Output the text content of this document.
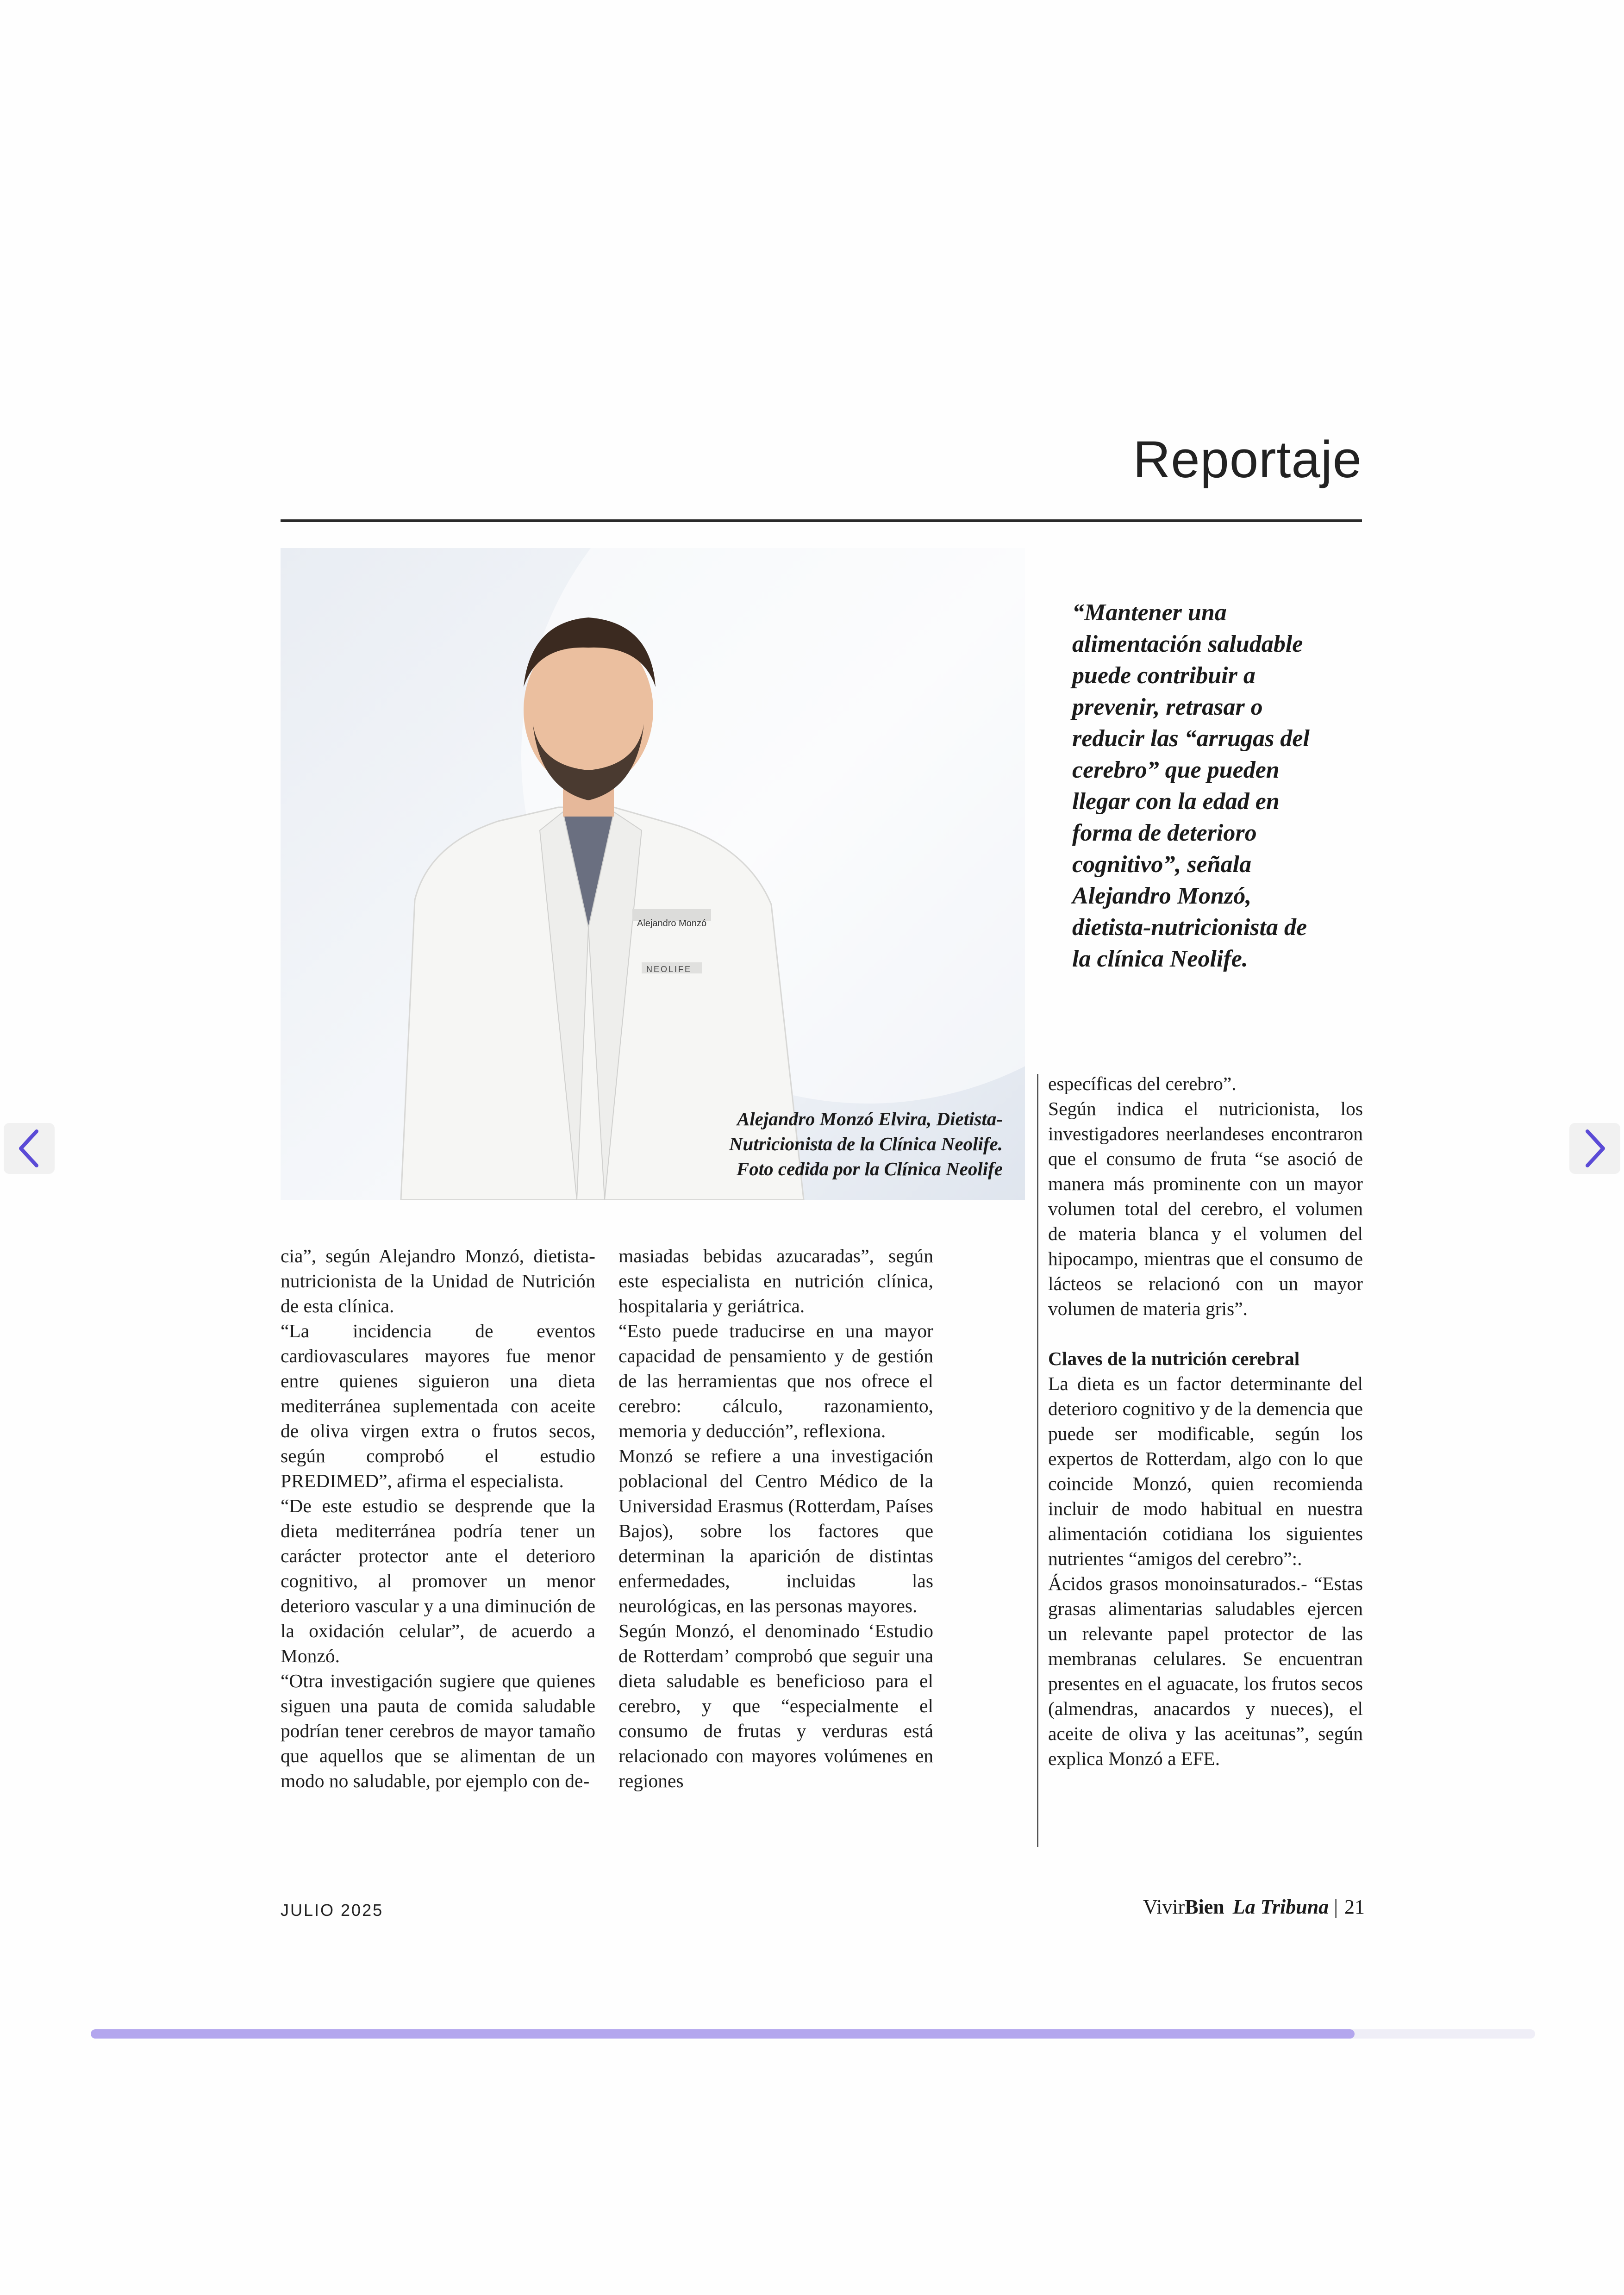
Reportaje
Alejandro Monzó
NEOLIFE
Alejandro Monzó Elvira, Dietista-Nutricionista de la Clínica Neolife. Foto cedida por la Clínica Neolife
“Mantener una alimentación saludable puede contribuir a prevenir, retrasar o reducir las “arrugas del cerebro” que pueden llegar con la edad en forma de deterioro cognitivo”, señala Alejandro Monzó, dietista-nutricionista de la clínica Neolife.

cia”, según Alejandro Monzó, dietista-nutricionista de la Unidad de Nutrición de esta clínica.

“La incidencia de eventos cardiovasculares mayores fue menor entre quienes siguieron una dieta mediterránea suplementada con aceite de oliva virgen extra o frutos secos, según comprobó el estudio PREDIMED”, afirma el especialista.

“De este estudio se desprende que la dieta mediterránea podría tener un carácter protector ante el deterioro cognitivo, al promover un menor deterioro vascular y a una diminución de la oxidación celular”, de acuerdo a Monzó.

“Otra investigación sugiere que quienes siguen una pauta de comida saludable podrían tener cerebros de mayor tamaño que aquellos que se alimentan de un modo no saludable, por ejemplo con de-

masiadas bebidas azucaradas”, según este especialista en nutrición clínica, hospitalaria y geriátrica.

“Esto puede traducirse en una mayor capacidad de pensamiento y de gestión de las herramientas que nos ofrece el cerebro: cálculo, razonamiento, memoria y deducción”, reflexiona.

Monzó se refiere a una investigación poblacional del Centro Médico de la Universidad Erasmus (Rotterdam, Países Bajos), sobre los factores que determinan la aparición de distintas enfermedades, incluidas las neurológicas, en las personas mayores.

Según Monzó, el denominado ‘Estudio de Rotterdam’ comprobó que seguir una dieta saludable es beneficioso para el cerebro, y que “especialmente el consumo de frutas y verduras está relacionado con mayores volúmenes en regiones

específicas del cerebro”.

Según indica el nutricionista, los investigadores neerlandeses encontraron que el consumo de fruta “se asoció de manera más prominente con un mayor volumen total del cerebro, el volumen de materia blanca y el volumen del hipocampo, mientras que el consumo de lácteos se relacionó con un mayor volumen de materia gris”.

Claves de la nutrición cerebral

La dieta es un factor determinante del deterioro cognitivo y de la demencia que puede ser modificable, según los expertos de Rotterdam, algo con lo que coincide Monzó, quien recomienda incluir de modo habitual en nuestra alimentación cotidiana los siguientes nutrientes “amigos del cerebro”:.

Ácidos grasos monoinsaturados.- “Estas grasas alimentarias saludables ejercen un relevante papel protector de las membranas celulares. Se encuentran presentes en el aguacate, los frutos secos (almendras, anacardos y nueces), el aceite de oliva y las aceitunas”, según explica Monzó a EFE.

JULIO 2025	VivirBien La Tribuna | 21
